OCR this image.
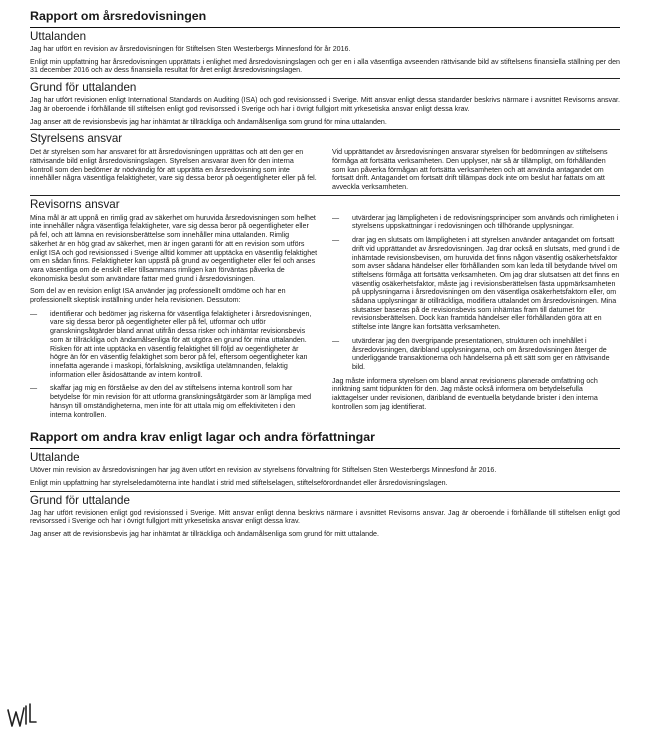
Rapport om årsredovisningen
Uttalanden
Jag har utfört en revision av årsredovisningen för Stiftelsen Sten Westerbergs Minnesfond för år 2016.
Enligt min uppfattning har årsredovisningen upprättats i enlighet med årsredovisningslagen och ger en i alla väsentliga avseenden rättvisande bild av stiftelsens finansiella ställning per den 31 december 2016 och av dess finansiella resultat för året enligt årsredovisningslagen.
Grund för uttalanden
Jag har utfört revisionen enligt International Standards on Auditing (ISA) och god revisionssed i Sverige. Mitt ansvar enligt dessa standarder beskrivs närmare i avsnittet Revisorns ansvar. Jag är oberoende i förhållande till stiftelsen enligt god revisorssed i Sverige och har i övrigt fullgjort mitt yrkesetiska ansvar enligt dessa krav.
Jag anser att de revisionsbevis jag har inhämtat är tillräckliga och ändamålsenliga som grund för mina uttalanden.
Styrelsens ansvar
Det är styrelsen som har ansvaret för att årsredovisningen upprättas och att den ger en rättvisande bild enligt årsredovisningslagen. Styrelsen ansvarar även för den interna kontroll som den bedömer är nödvändig för att upprätta en årsredovisning som inte innehåller några väsentliga felaktigheter, vare sig dessa beror på oegentligheter eller på fel.
Vid upprättandet av årsredovisningen ansvarar styrelsen för bedömningen av stiftelsens förmåga att fortsätta verksamheten. Den upplyser, när så är tillämpligt, om förhållanden som kan påverka förmågan att fortsätta verksamheten och att använda antagandet om fortsatt drift. Antagandet om fortsatt drift tillämpas dock inte om beslut har fattats om att avveckla verksamheten.
Revisorns ansvar
Mina mål är att uppnå en rimlig grad av säkerhet om huruvida årsredovisningen som helhet inte innehåller några väsentliga felaktigheter, vare sig dessa beror på oegentligheter eller på fel, och att lämna en revisionsberättelse som innehåller mina uttalanden. Rimlig säkerhet är en hög grad av säkerhet, men är ingen garanti för att en revision som utförs enligt ISA och god revisionssed i Sverige alltid kommer att upptäcka en väsentlig felaktighet om en sådan finns. Felaktigheter kan uppstå på grund av oegentligheter eller fel och anses vara väsentliga om de enskilt eller tillsammans rimligen kan förväntas påverka de ekonomiska beslut som användare fattar med grund i årsredovisningen.
Som del av en revision enligt ISA använder jag professionellt omdöme och har en professionellt skeptisk inställning under hela revisionen. Dessutom:
—	identifierar och bedömer jag riskerna för väsentliga felaktigheter i årsredovisningen, vare sig dessa beror på oegentligheter eller på fel, utformar och utför granskningsåtgärder bland annat utifrån dessa risker och inhämtar revisionsbevis som är tillräckliga och ändamålsenliga för att utgöra en grund för mina uttalanden. Risken för att inte upptäcka en väsentlig felaktighet till följd av oegentligheter är högre än för en väsentlig felaktighet som beror på fel, eftersom oegentligheter kan innefatta agerande i maskopi, förfalskning, avsiktliga utelämnanden, felaktig information eller åsidosättande av intern kontroll.
—	skaffar jag mig en förståelse av den del av stiftelsens interna kontroll som har betydelse för min revision för att utforma granskningsåtgärder som är lämpliga med hänsyn till omständigheterna, men inte för att uttala mig om effektiviteten i den interna kontrollen.
—	utvärderar jag lämpligheten i de redovisningsprinciper som används och rimligheten i styrelsens uppskattningar i redovisningen och tillhörande upplysningar.
—	drar jag en slutsats om lämpligheten i att styrelsen använder antagandet om fortsatt drift vid upprättandet av årsredovisningen. Jag drar också en slutsats, med grund i de inhämtade revisionsbevisen, om huruvida det finns någon väsentlig osäkerhetsfaktor som avser sådana händelser eller förhållanden som kan leda till betydande tvivel om stiftelsens förmåga att fortsätta verksamheten. Om jag drar slutsatsen att det finns en väsentlig osäkerhetsfaktor, måste jag i revisionsberättelsen fästa uppmärksamheten på upplysningarna i årsredovisningen om den väsentliga osäkerhetsfaktorn eller, om sådana upplysningar är otillräckliga, modifiera uttalandet om årsredovisningen. Mina slutsatser baseras på de revisionsbevis som inhämtas fram till datumet för revisionsberättelsen. Dock kan framtida händelser eller förhållanden göra att en stiftelse inte längre kan fortsätta verksamheten.
—	utvärderar jag den övergripande presentationen, strukturen och innehållet i årsredovisningen, däribland upplysningarna, och om årsredovisningen återger de underliggande transaktionerna och händelserna på ett sätt som ger en rättvisande bild.
Jag måste informera styrelsen om bland annat revisionens planerade omfattning och inriktning samt tidpunkten för den. Jag måste också informera om betydelsefulla iakttagelser under revisionen, däribland de eventuella betydande brister i den interna kontrollen som jag identifierat.
Rapport om andra krav enligt lagar och andra författningar
Uttalande
Utöver min revision av årsredovisningen har jag även utfört en revision av styrelsens förvaltning för Stiftelsen Sten Westerbergs Minnesfond år 2016.
Enligt min uppfattning har styrelseledamöterna inte handlat i strid med stiftelselagen, stiftelseförordnandet eller årsredovisningslagen.
Grund för uttalande
Jag har utfört revisionen enligt god revisionssed i Sverige. Mitt ansvar enligt denna beskrivs närmare i avsnittet Revisorns ansvar. Jag är oberoende i förhållande till stiftelsen enligt god revisorssed i Sverige och har i övrigt fullgjort mitt yrkesetiska ansvar enligt dessa krav.
Jag anser att de revisionsbevis jag har inhämtat är tillräckliga och ändamålsenliga som grund för mitt uttalande.
